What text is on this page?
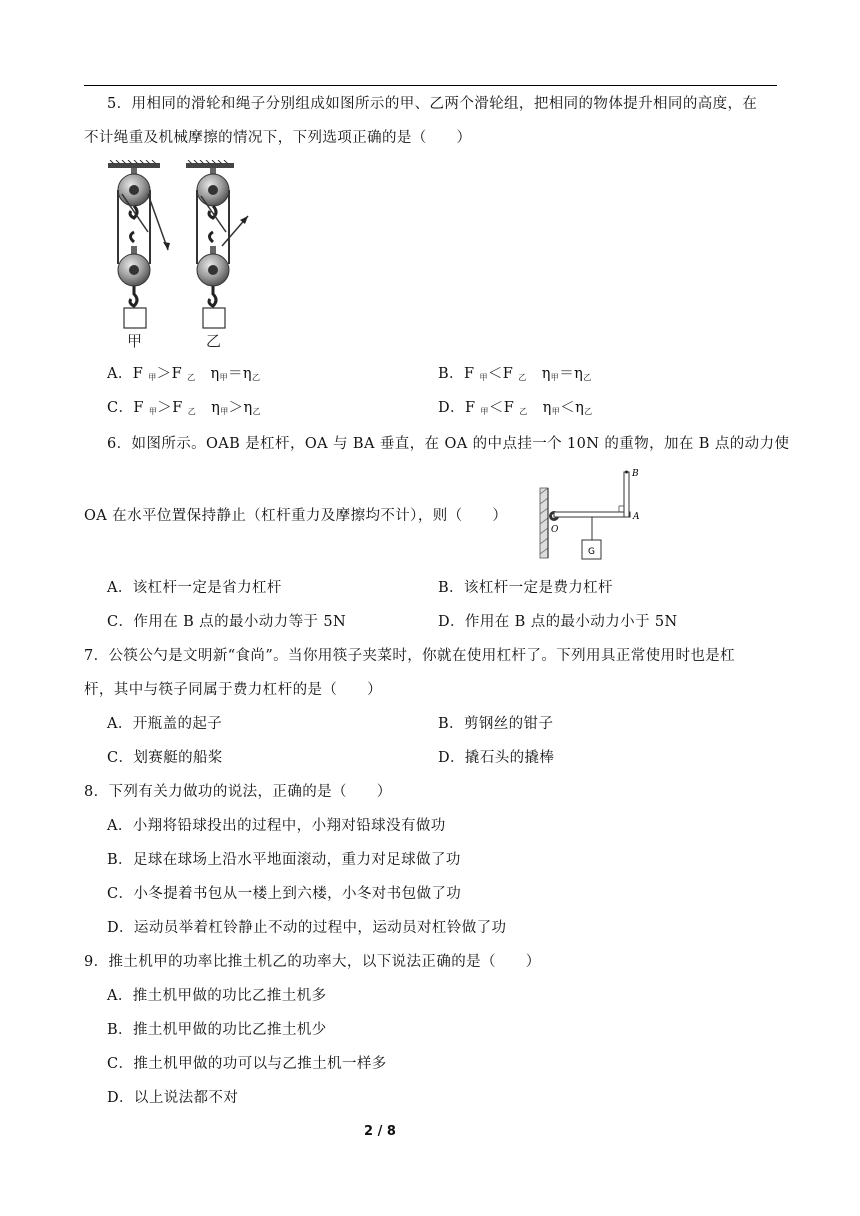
5．用相同的滑轮和绳子分别组成如图所示的甲、乙两个滑轮组，把相同的物体提升相同的高度，在
不计绳重及机械摩擦的情况下，下列选项正确的是（　　）
甲	乙
A．F $_甲$＞F $_乙$ $\eta_甲=\eta_乙$	B．F $_甲$＜F $_乙$ $\eta_甲=\eta_乙$
C．F $_甲$＞F $_乙$ $\eta_甲>\eta_乙$	D．F $_甲$＜F $_乙$ $\eta_甲<\eta_乙$
6．如图所示。OAB 是杠杆，OA 与 BA 垂直，在 OA 的中点挂一个 10N 的重物，加在 B 点的动力使
OA 在水平位置保持静止（杠杆重力及摩擦均不计），则（　　）
B
A
O
G
A．该杠杆一定是省力杠杆	B．该杠杆一定是费力杠杆
C．作用在 B 点的最小动力等于 5N	D．作用在 B 点的最小动力小于 5N
7．公筷公勺是文明新“食尚”。当你用筷子夹菜时，你就在使用杠杆了。下列用具正常使用时也是杠
杆，其中与筷子同属于费力杠杆的是（　　）
A．开瓶盖的起子	B．剪钢丝的钳子
C．划赛艇的船桨	D．撬石头的撬棒
8．下列有关力做功的说法，正确的是（　　）
A．小翔将铅球投出的过程中，小翔对铅球没有做功
B．足球在球场上沿水平地面滚动，重力对足球做了功
C．小冬提着书包从一楼上到六楼，小冬对书包做了功
D．运动员举着杠铃静止不动的过程中，运动员对杠铃做了功
9．推土机甲的功率比推土机乙的功率大，以下说法正确的是（　　）
A．推土机甲做的功比乙推土机多
B．推土机甲做的功比乙推土机少
C．推土机甲做的功可以与乙推土机一样多
D．以上说法都不对
2 / 8
